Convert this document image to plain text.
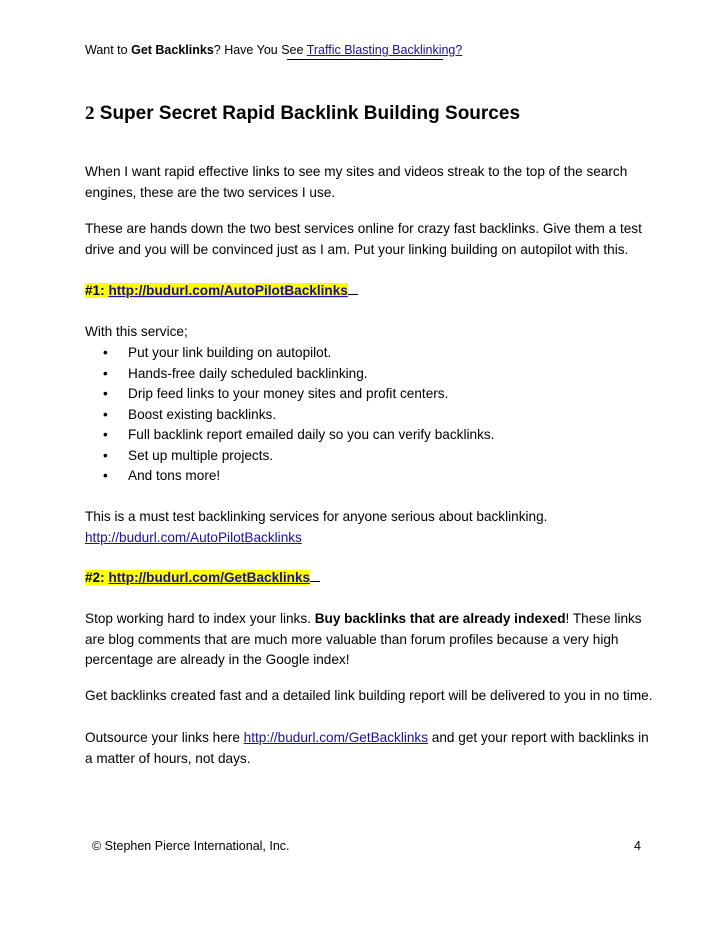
Want to Get Backlinks? Have You See Traffic Blasting Backlinking?
2 Super Secret Rapid Backlink Building Sources
When I want rapid effective links to see my sites and videos streak to the top of the search engines, these are the two services I use.
These are hands down the two best services online for crazy fast backlinks. Give them a test drive and you will be convinced just as I am. Put your linking building on autopilot with this.
#1: http://budurl.com/AutoPilotBacklinks
With this service;
• Put your link building on autopilot.
• Hands-free daily scheduled backlinking.
• Drip feed links to your money sites and profit centers.
• Boost existing backlinks.
• Full backlink report emailed daily so you can verify backlinks.
• Set up multiple projects.
• And tons more!
This is a must test backlinking services for anyone serious about backlinking.
http://budurl.com/AutoPilotBacklinks
#2: http://budurl.com/GetBacklinks
Stop working hard to index your links. Buy backlinks that are already indexed! These links are blog comments that are much more valuable than forum profiles because a very high percentage are already in the Google index!
Get backlinks created fast and a detailed link building report will be delivered to you in no time.
Outsource your links here http://budurl.com/GetBacklinks and get your report with backlinks in a matter of hours, not days.
© Stephen Pierce International, Inc.	4
